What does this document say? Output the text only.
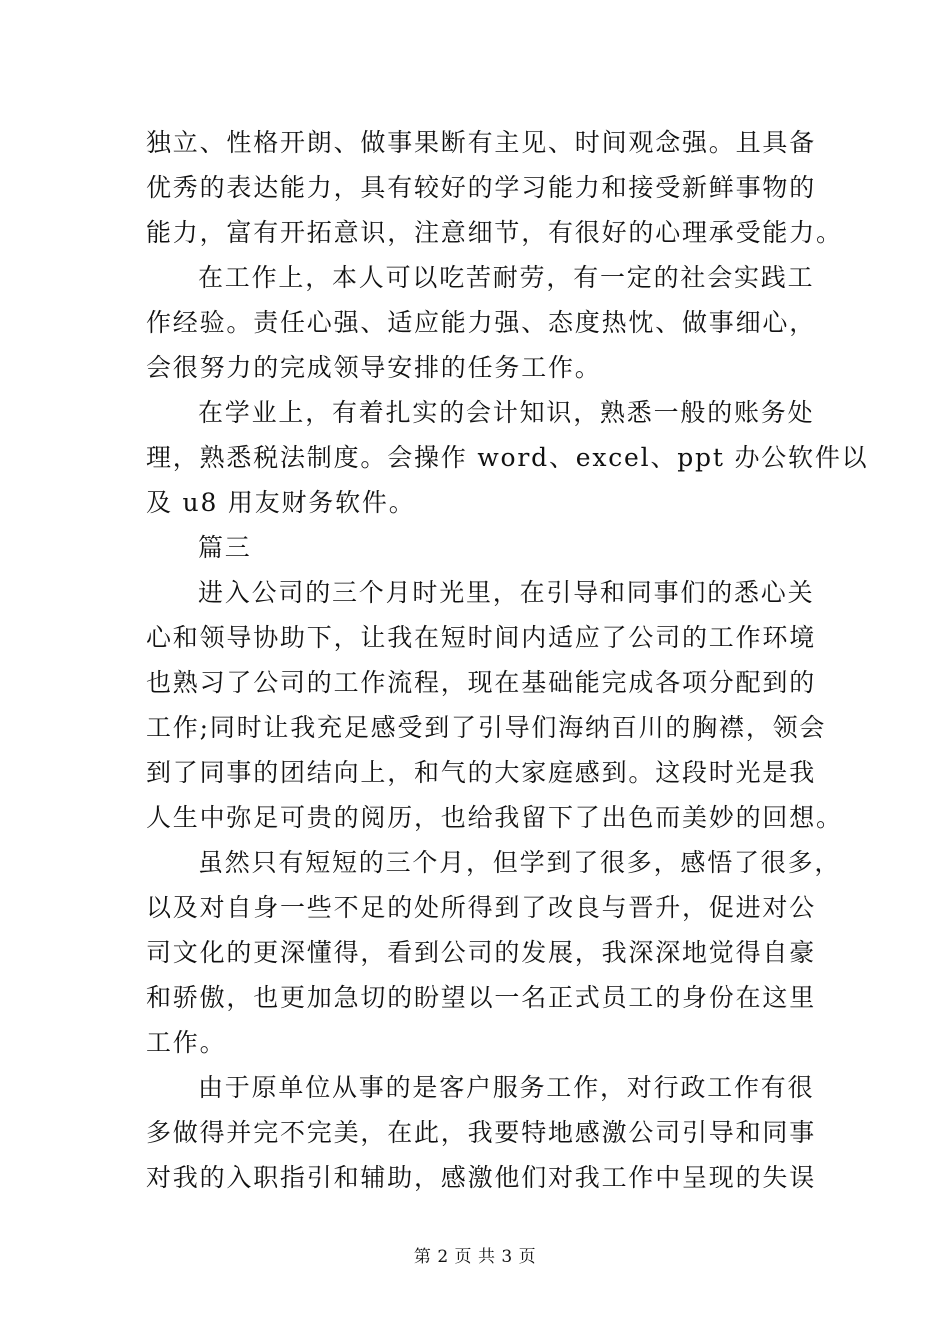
独立、性格开朗、做事果断有主见、时间观念强。且具备
优秀的表达能力，具有较好的学习能力和接受新鲜事物的
能力，富有开拓意识，注意细节，有很好的心理承受能力。
在工作上，本人可以吃苦耐劳，有一定的社会实践工
作经验。责任心强、适应能力强、态度热忱、做事细心，
会很努力的完成领导安排的任务工作。
在学业上，有着扎实的会计知识，熟悉一般的账务处
理，熟悉税法制度。会操作 word、excel、ppt 办公软件以
及 u8 用友财务软件。
篇三
进入公司的三个月时光里，在引导和同事们的悉心关
心和领导协助下，让我在短时间内适应了公司的工作环境
也熟习了公司的工作流程，现在基础能完成各项分配到的
工作;同时让我充足感受到了引导们海纳百川的胸襟，领会
到了同事的团结向上，和气的大家庭感到。这段时光是我
人生中弥足可贵的阅历，也给我留下了出色而美妙的回想。
虽然只有短短的三个月，但学到了很多，感悟了很多，
以及对自身一些不足的处所得到了改良与晋升，促进对公
司文化的更深懂得，看到公司的发展，我深深地觉得自豪
和骄傲，也更加急切的盼望以一名正式员工的身份在这里
工作。
由于原单位从事的是客户服务工作，对行政工作有很
多做得并完不完美，在此，我要特地感激公司引导和同事
对我的入职指引和辅助，感激他们对我工作中呈现的失误
第 2 页 共 3 页
